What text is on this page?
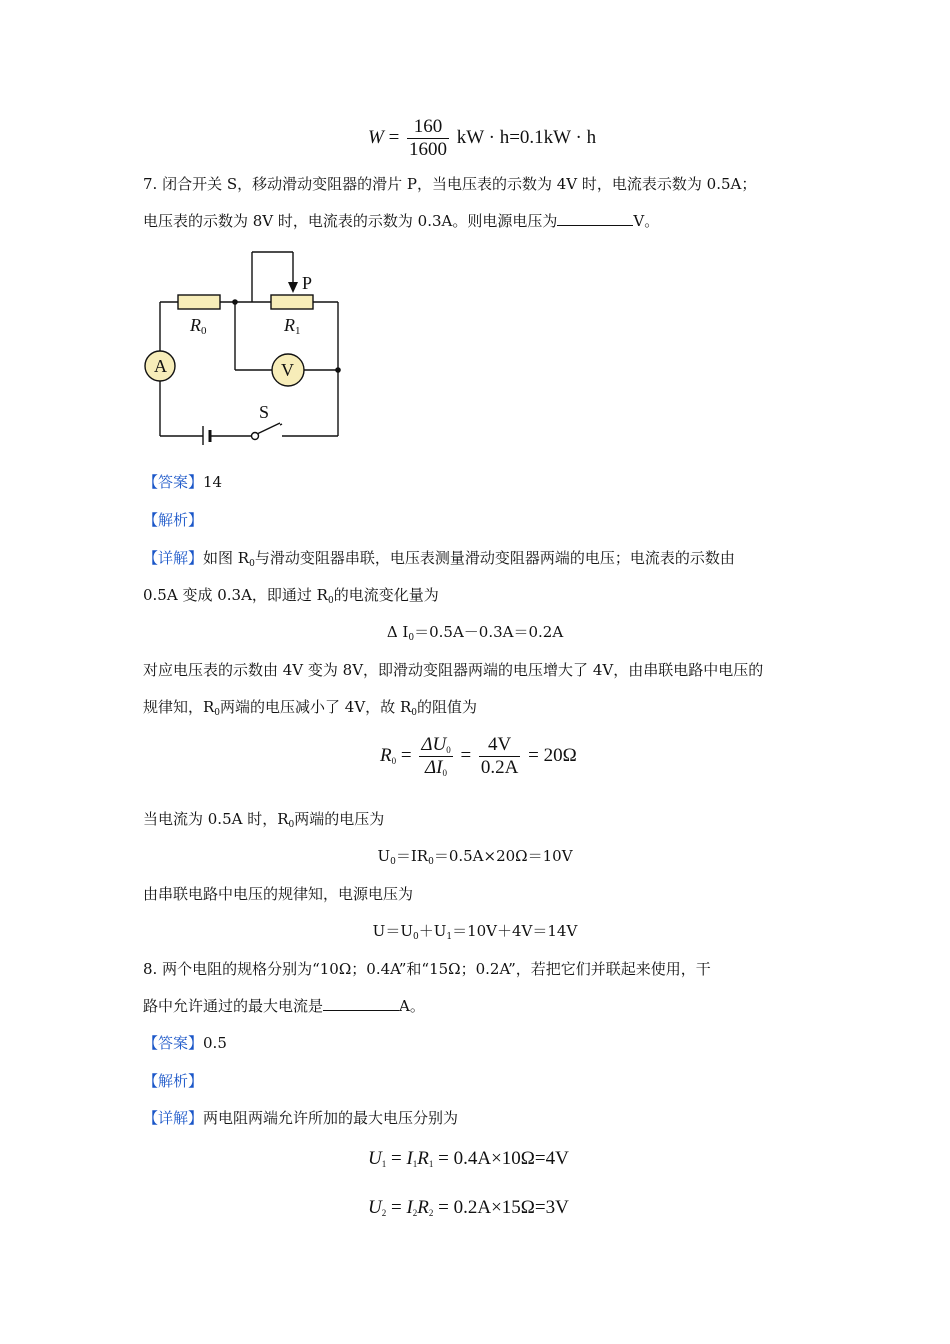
$W = \frac{160}{1600}$ kW · h=0.1kW · h
7. 闭合开关 S，移动滑动变阻器的滑片 P，当电压表的示数为 4V 时，电流表示数为 0.5A；
电压表的示数为 8V 时，电流表的示数为 0.3A。则电源电压为	V。
P
R0	R1
A	V
S
【答案】14
【解析】
【详解】如图 $R_0$与滑动变阻器串联，电压表测量滑动变阻器两端的电压；电流表的示数由
0.5A 变成 0.3A，即通过 $R_0$的电流变化量为
Δ $I_0=0.5A-0.3A=0.2A$
对应电压表的示数由 4V 变为 8V，即滑动变阻器两端的电压增大了 4V，由串联电路中电压的
规律知，$R_0$两端的电压减小了 4V，故 $R_0$的阻值为
$R_0 = \frac{\Delta U_0}{\Delta I_0} = \frac{4V}{0.2A} = 20\Omega$
当电流为 0.5A 时，$R_0$两端的电压为
$U_0=IR_0=0.5A\times 20\Omega=10V$
由串联电路中电压的规律知，电源电压为
$U=U_0+U_1=10V+4V=14V$
8. 两个电阻的规格分别为“10Ω；0.4A”和“15Ω；0.2A”，若把它们并联起来使用，干
路中允许通过的最大电流是	A。
【答案】0.5
【解析】
【详解】两电阻两端允许所加的最大电压分别为
$U_1 = I_1R_1 = 0.4A\times 10\Omega=4V$
$U_2 = I_2R_2 = 0.2A\times 15\Omega=3V$
